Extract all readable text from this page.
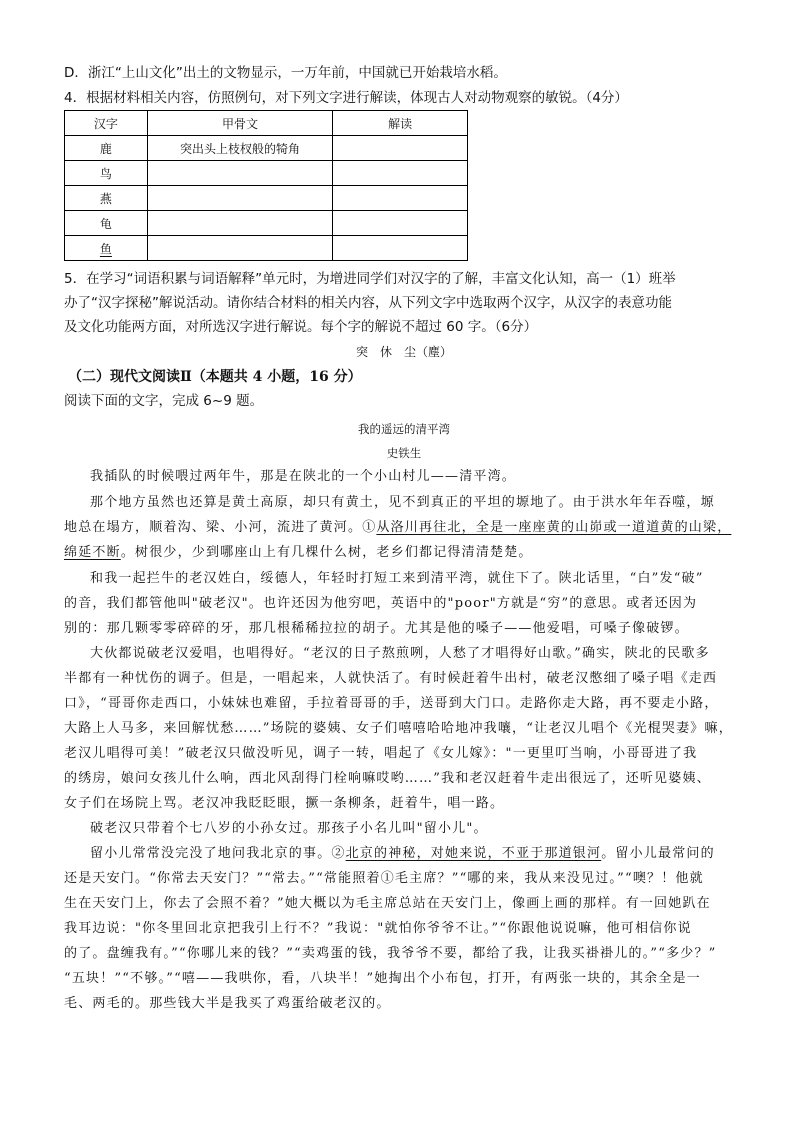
D．浙江“上山文化”出土的文物显示，一万年前，中国就已开始栽培水稻。
4．根据材料相关内容，仿照例句，对下列文字进行解读，体现古人对动物观察的敏锐。（4分）
汉字	甲骨文	解读
鹿	突出头上枝杈般的犄角	
鸟		
燕		
龟		
鱼		
5．在学习“词语积累与词语解释”单元时，为增进同学们对汉字的了解，丰富文化认知，高一（1）班举
办了“汉字探秘”解说活动。请你结合材料的相关内容，从下列文字中选取两个汉字，从汉字的表意功能
及文化功能两方面，对所选汉字进行解说。每个字的解说不超过 60 字。（6分）
突　休　尘（塵）
（二）现代文阅读Ⅱ（本题共 4 小题，16 分）
阅读下面的文字，完成 6~9 题。
我的遥远的清平湾
史铁生
我插队的时候喂过两年牛，那是在陕北的一个小山村儿——清平湾。
那个地方虽然也还算是黄土高原，却只有黄土，见不到真正的平坦的塬地了。由于洪水年年吞噬，塬
地总在塌方，顺着沟、梁、小河，流进了黄河。①从洛川再往北，全是一座座黄的山峁或一道道黄的山梁，
绵延不断。树很少，少到哪座山上有几棵什么树，老乡们都记得清清楚楚。
和我一起拦牛的老汉姓白，绥德人，年轻时打短工来到清平湾，就住下了。陕北话里，“白”发“破”
的音，我们都管他叫"破老汉"。也许还因为他穷吧，英语中的"poor"方就是“穷”的意思。或者还因为
别的：那几颗零零碎碎的牙，那几根稀稀拉拉的胡子。尤其是他的嗓子——他爱唱，可嗓子像破锣。
大伙都说破老汉爱唱，也唱得好。“老汉的日子熬煎咧，人愁了才唱得好山歌。”确实，陕北的民歌多
半都有一种忧伤的调子。但是，一唱起来，人就快活了。有时候赶着牛出村，破老汉憋细了嗓子唱《走西
口》，“哥哥你走西口，小妹妹也难留，手拉着哥哥的手，送哥到大门口。走路你走大路，再不要走小路，
大路上人马多，来回解忧愁……”场院的婆姨、女子们嘻嘻哈哈地冲我嚷，“让老汉儿唱个《光棍哭妻》嘛，
老汉儿唱得可美！”破老汉只做没听见，调子一转，唱起了《女儿嫁》："一更里叮当响，小哥哥进了我
的绣房，娘问女孩儿什么响，西北风刮得门栓响嘛哎哟……”我和老汉赶着牛走出很远了，还听见婆姨、
女子们在场院上骂。老汉冲我眨眨眼，撅一条柳条，赶着牛，唱一路。
破老汉只带着个七八岁的小孙女过。那孩子小名儿叫"留小儿"。
留小儿常常没完没了地问我北京的事。②北京的神秘，对她来说，不亚于那道银河。留小儿最常问的
还是天安门。“你常去天安门？”“常去。”“常能照着①毛主席？”“哪的来，我从来没见过。”“噢？！他就
生在天安门上，你去了会照不着？”她大概以为毛主席总站在天安门上，像画上画的那样。有一回她趴在
我耳边说："你冬里回北京把我引上行不？”我说："就怕你爷爷不让。”“你跟他说说嘛，他可相信你说
的了。盘缠我有。”“你哪儿来的钱？”“卖鸡蛋的钱，我爷爷不要，都给了我，让我买褂褂儿的。”“多少？”
“五块！”“不够。”“嘻——我哄你，看，八块半！”她掏出个小布包，打开，有两张一块的，其余全是一
毛、两毛的。那些钱大半是我买了鸡蛋给破老汉的。
